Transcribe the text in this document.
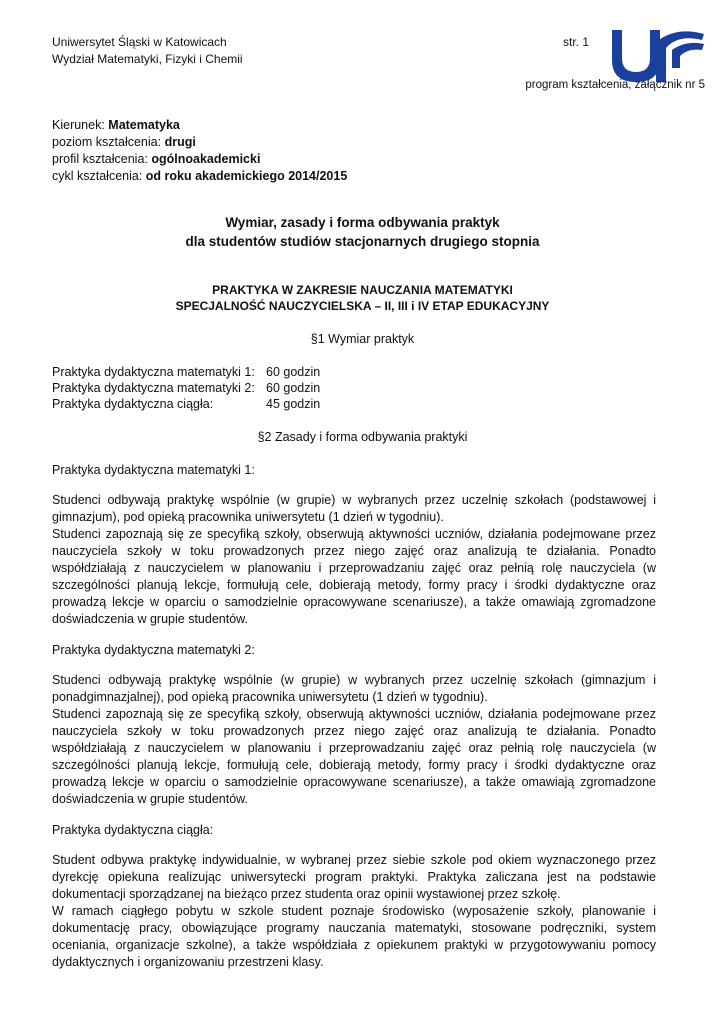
Uniwersytet Śląski w Katowicach
Wydział Matematyki, Fizyki i Chemii
str. 1
program kształcenia, załącznik nr 5
Kierunek: Matematyka
poziom kształcenia: drugi
profil kształcenia: ogólnoakademicki
cykl kształcenia: od roku akademickiego 2014/2015
Wymiar, zasady i forma odbywania praktyk
dla studentów studiów stacjonarnych drugiego stopnia
PRAKTYKA W ZAKRESIE NAUCZANIA MATEMATYKI
SPECJALNOŚĆ NAUCZYCIELSKA – II, III i IV ETAP EDUKACYJNY
§1 Wymiar praktyk
Praktyka dydaktyczna matematyki 1: 60 godzin
Praktyka dydaktyczna matematyki 2: 60 godzin
Praktyka dydaktyczna ciągła:	45 godzin
§2 Zasady i forma odbywania praktyki
Praktyka dydaktyczna matematyki 1:

Studenci odbywają praktykę wspólnie (w grupie) w wybranych przez uczelnię szkołach (podstawowej i gimnazjum), pod opieką pracownika uniwersytetu (1 dzień w tygodniu).

Studenci zapoznają się ze specyfiką szkoły, obserwują aktywności uczniów, działania podejmowane przez nauczyciela szkoły w toku prowadzonych przez niego zajęć oraz analizują te działania. Ponadto współdziałają z nauczycielem w planowaniu i przeprowadzaniu zajęć oraz pełnią rolę nauczyciela (w szczególności planują lekcje, formułują cele, dobierają metody, formy pracy i środki dydaktyczne oraz prowadzą lekcje w oparciu o samodzielnie opracowywane scenariusze), a także omawiają zgromadzone doświadczenia w grupie studentów.

Praktyka dydaktyczna matematyki 2:

Studenci odbywają praktykę wspólnie (w grupie) w wybranych przez uczelnię szkołach (gimnazjum i ponadgimnazjalnej), pod opieką pracownika uniwersytetu (1 dzień w tygodniu).

Studenci zapoznają się ze specyfiką szkoły, obserwują aktywności uczniów, działania podejmowane przez nauczyciela szkoły w toku prowadzonych przez niego zajęć oraz analizują te działania. Ponadto współdziałają z nauczycielem w planowaniu i przeprowadzaniu zajęć oraz pełnią rolę nauczyciela (w szczególności planują lekcje, formułują cele, dobierają metody, formy pracy i środki dydaktyczne oraz prowadzą lekcje w oparciu o samodzielnie opracowywane scenariusze), a także omawiają zgromadzone doświadczenia w grupie studentów.

Praktyka dydaktyczna ciągła:

Student odbywa praktykę indywidualnie, w wybranej przez siebie szkole pod okiem wyznaczonego przez dyrekcję opiekuna realizując uniwersytecki program praktyki. Praktyka zaliczana jest na podstawie dokumentacji sporządzanej na bieżąco przez studenta oraz opinii wystawionej przez szkołę.

W ramach ciągłego pobytu w szkole student poznaje środowisko (wyposażenie szkoły, planowanie i dokumentację pracy, obowiązujące programy nauczania matematyki, stosowane podręczniki, system oceniania, organizacje szkolne), a także współdziała z opiekunem praktyki w przygotowywaniu pomocy dydaktycznych i organizowaniu przestrzeni klasy.
